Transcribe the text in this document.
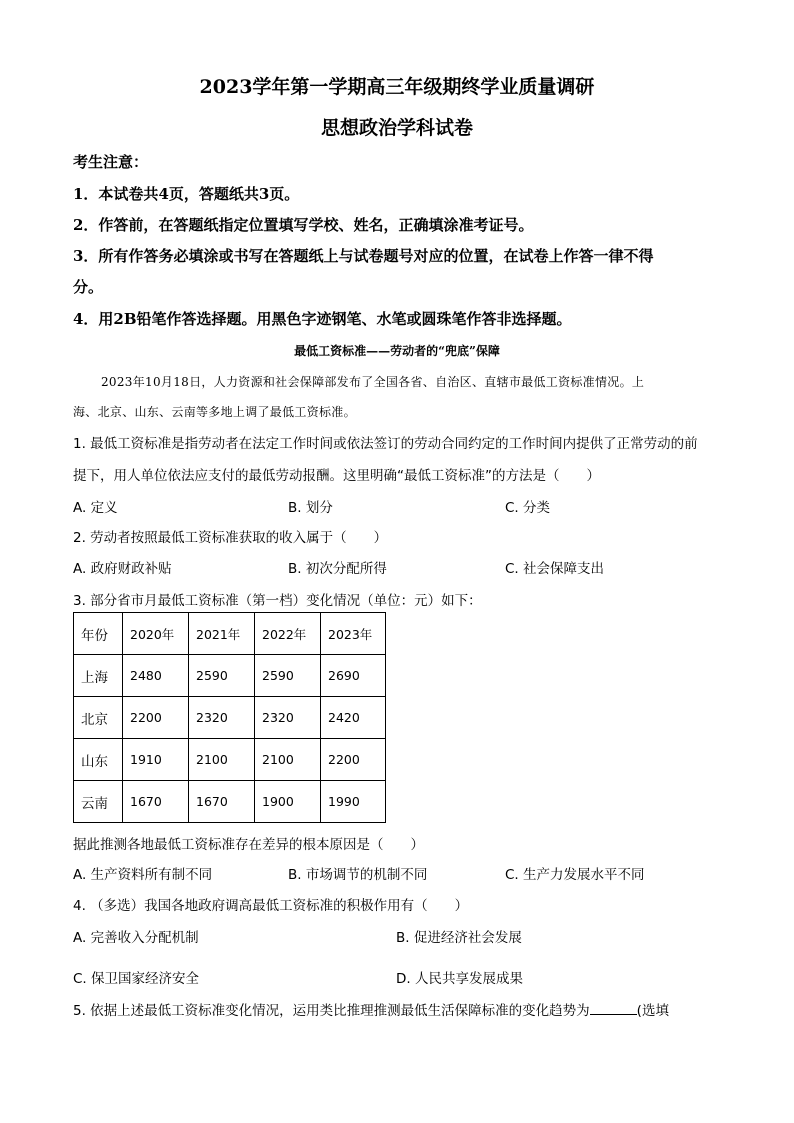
2023学年第一学期高三年级期终学业质量调研
思想政治学科试卷
考生注意：
1．本试卷共4页，答题纸共3页。
2．作答前，在答题纸指定位置填写学校、姓名，正确填涂准考证号。
3．所有作答务必填涂或书写在答题纸上与试卷题号对应的位置，在试卷上作答一律不得
分。
4．用2B铅笔作答选择题。用黑色字迹钢笔、水笔或圆珠笔作答非选择题。
最低工资标准——劳动者的“兜底”保障
2023年10月18日，人力资源和社会保障部发布了全国各省、自治区、直辖市最低工资标准情况。上
海、北京、山东、云南等多地上调了最低工资标准。
1. 最低工资标准是指劳动者在法定工作时间或依法签订的劳动合同约定的工作时间内提供了正常劳动的前
提下，用人单位依法应支付的最低劳动报酬。这里明确“最低工资标准”的方法是（　　）
A. 定义	B. 划分	C. 分类
2. 劳动者按照最低工资标准获取的收入属于（　　）
A. 政府财政补贴	B. 初次分配所得	C. 社会保障支出
3. 部分省市月最低工资标准（第一档）变化情况（单位：元）如下：
年份	2020年	2021年	2022年	2023年
上海	2480	2590	2590	2690
北京	2200	2320	2320	2420
山东	1910	2100	2100	2200
云南	1670	1670	1900	1990
据此推测各地最低工资标准存在差异的根本原因是（　　）
A. 生产资料所有制不同	B. 市场调节的机制不同	C. 生产力发展水平不同
4. （多选）我国各地政府调高最低工资标准的积极作用有（　　）
A. 完善收入分配机制	B. 促进经济社会发展
C. 保卫国家经济安全	D. 人民共享发展成果
5. 依据上述最低工资标准变化情况，运用类比推理推测最低生活保障标准的变化趋势为	(选填
